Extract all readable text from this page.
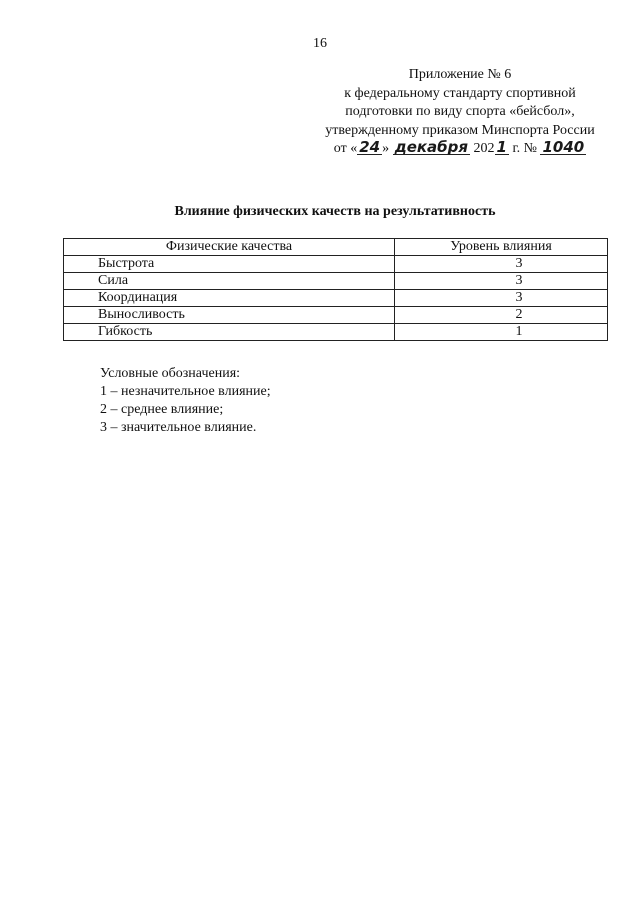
16
Приложение № 6
к федеральному стандарту спортивной
подготовки по виду спорта «бейсбол»,
утвержденному приказом Минспорта России
от « 24 » декабря 202 1 г. № 1040
Влияние физических качеств на результативность
Физические качества	Уровень влияния
Быстрота	3
Сила	3
Координация	3
Выносливость	2
Гибкость	1
Условные обозначения:
1 – незначительное влияние;
2 – среднее влияние;
3 – значительное влияние.
